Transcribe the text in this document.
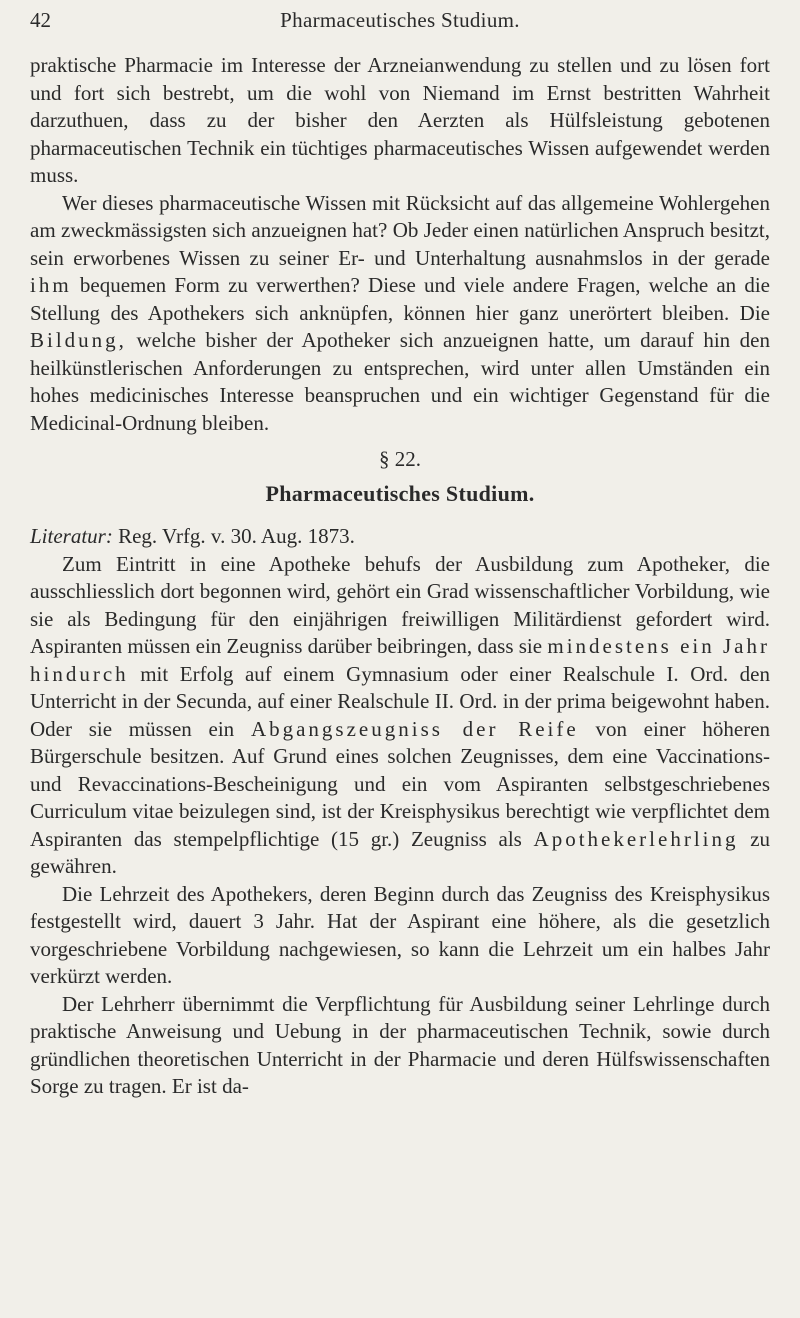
42	Pharmaceutisches Studium.

praktische Pharmacie im Interesse der Arzneianwendung zu stellen und zu lösen fort und fort sich bestrebt, um die wohl von Niemand im Ernst bestritten Wahrheit darzuthuen, dass zu der bisher den Aerzten als Hülfsleistung gebotenen pharmaceutischen Technik ein tüchtiges pharmaceutisches Wissen aufgewendet werden muss.

Wer dieses pharmaceutische Wissen mit Rücksicht auf das allgemeine Wohlergehen am zweckmässigsten sich anzueignen hat? Ob Jeder einen natürlichen Anspruch besitzt, sein erworbenes Wissen zu seiner Er- und Unterhaltung ausnahmslos in der gerade ihm bequemen Form zu verwerthen? Diese und viele andere Fragen, welche an die Stellung des Apothekers sich anknüpfen, können hier ganz unerörtert bleiben. Die Bildung, welche bisher der Apotheker sich anzueignen hatte, um darauf hin den heilkünstlerischen Anforderungen zu entsprechen, wird unter allen Umständen ein hohes medicinisches Interesse beanspruchen und ein wichtiger Gegenstand für die Medicinal-Ordnung bleiben.

§ 22.
Pharmaceutisches Studium.

Literatur: Reg. Vrfg. v. 30. Aug. 1873.

Zum Eintritt in eine Apotheke behufs der Ausbildung zum Apotheker, die ausschliesslich dort begonnen wird, gehört ein Grad wissenschaftlicher Vorbildung, wie sie als Bedingung für den einjährigen freiwilligen Militärdienst gefordert wird. Aspiranten müssen ein Zeugniss darüber beibringen, dass sie mindestens ein Jahr hindurch mit Erfolg auf einem Gymnasium oder einer Realschule I. Ord. den Unterricht in der Secunda, auf einer Realschule II. Ord. in der prima beigewohnt haben. Oder sie müssen ein Abgangszeugniss der Reife von einer höheren Bürgerschule besitzen. Auf Grund eines solchen Zeugnisses, dem eine Vaccinations- und Revaccinations-Bescheinigung und ein vom Aspiranten selbstgeschriebenes Curriculum vitae beizulegen sind, ist der Kreisphysikus berechtigt wie verpflichtet dem Aspiranten das stempelpflichtige (15 gr.) Zeugniss als Apothekerlehrling zu gewähren.

Die Lehrzeit des Apothekers, deren Beginn durch das Zeugniss des Kreisphysikus festgestellt wird, dauert 3 Jahr. Hat der Aspirant eine höhere, als die gesetzlich vorgeschriebene Vorbildung nachgewiesen, so kann die Lehrzeit um ein halbes Jahr verkürzt werden.

Der Lehrherr übernimmt die Verpflichtung für Ausbildung seiner Lehrlinge durch praktische Anweisung und Uebung in der pharmaceutischen Technik, sowie durch gründlichen theoretischen Unterricht in der Pharmacie und deren Hülfswissenschaften Sorge zu tragen. Er ist da-
